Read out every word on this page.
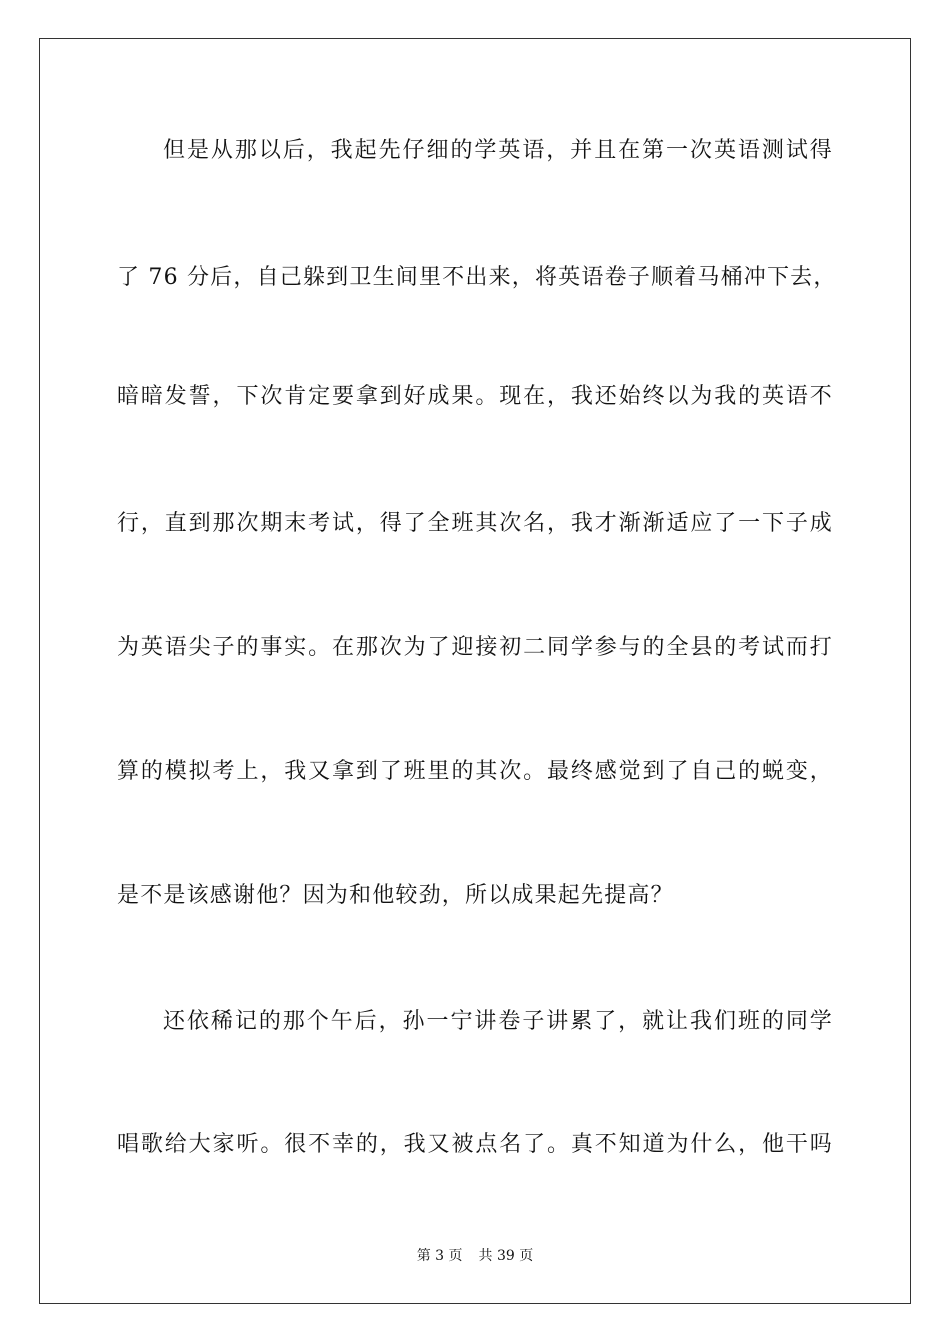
但是从那以后，我起先仔细的学英语，并且在第一次英语测试得
了 76 分后，自己躲到卫生间里不出来，将英语卷子顺着马桶冲下去，
暗暗发誓，下次肯定要拿到好成果。现在，我还始终以为我的英语不
行，直到那次期末考试，得了全班其次名，我才渐渐适应了一下子成
为英语尖子的事实。在那次为了迎接初二同学参与的全县的考试而打
算的模拟考上，我又拿到了班里的其次。最终感觉到了自己的蜕变，
是不是该感谢他？因为和他较劲，所以成果起先提高？
还依稀记的那个午后，孙一宁讲卷子讲累了，就让我们班的同学
唱歌给大家听。很不幸的，我又被点名了。真不知道为什么，他干吗
第 3 页 共 39 页
